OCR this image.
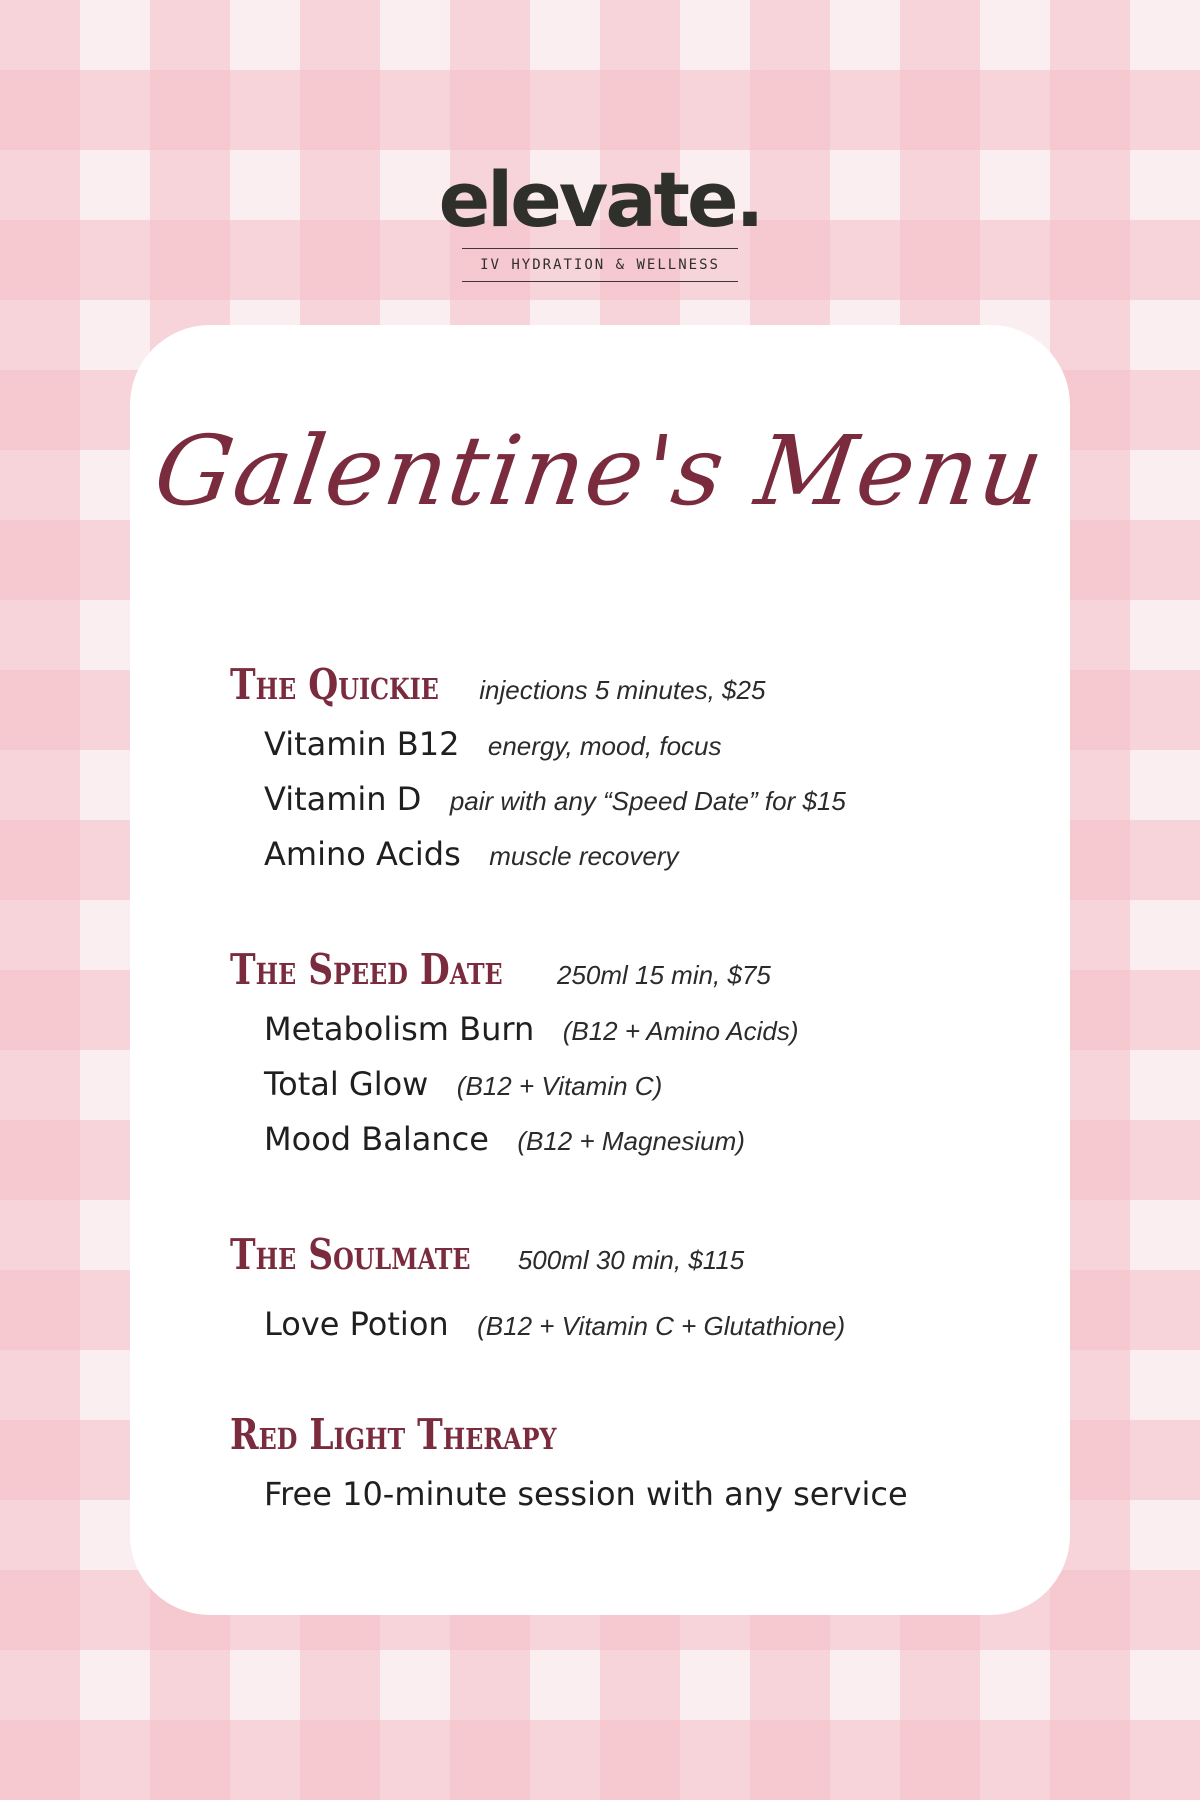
elevate.
IV HYDRATION & WELLNESS
Galentine's Menu
The Quickie injections 5 minutes, $25
Vitamin B12 energy, mood, focus
Vitamin D pair with any “Speed Date” for $15
Amino Acids muscle recovery
The Speed Date 250ml 15 min, $75
Metabolism Burn (B12 + Amino Acids)
Total Glow (B12 + Vitamin C)
Mood Balance (B12 + Magnesium)
The Soulmate 500ml 30 min, $115
Love Potion (B12 + Vitamin C + Glutathione)
Red Light Therapy
Free 10-minute session with any service
